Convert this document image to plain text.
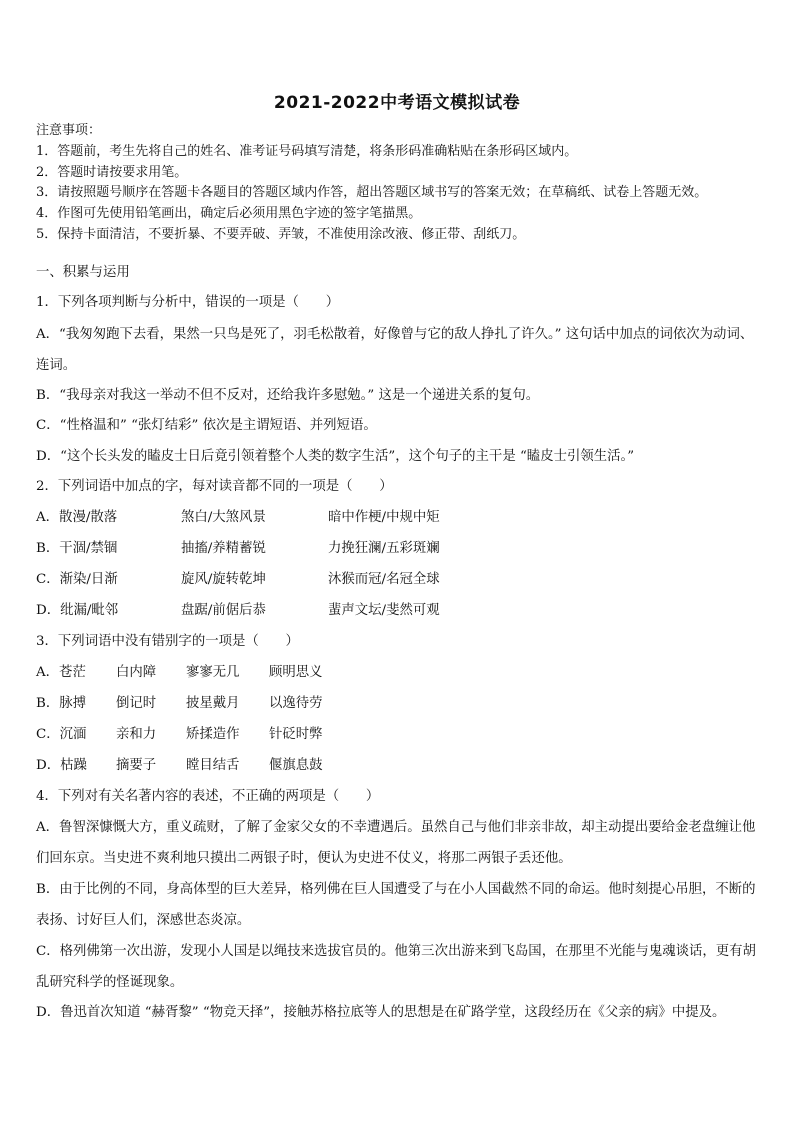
2021-2022中考语文模拟试卷
注意事项：
1．答题前，考生先将自己的姓名、准考证号码填写清楚，将条形码准确粘贴在条形码区域内。
2．答题时请按要求用笔。
3．请按照题号顺序在答题卡各题目的答题区域内作答，超出答题区域书写的答案无效；在草稿纸、试卷上答题无效。
4．作图可先使用铅笔画出，确定后必须用黑色字迹的签字笔描黑。
5．保持卡面清洁，不要折暴、不要弄破、弄皱，不准使用涂改液、修正带、刮纸刀。
一、积累与运用
1．下列各项判断与分析中，错误的一项是（　　）
A．“我匆匆跑下去看，果然一只鸟是死了，羽毛松散着，好像曾与它的敌人挣扎了许久。” 这句话中加点的词依次为动词、连词。
B．“我母亲对我这一举动不但不反对，还给我许多慰勉。” 这是一个递进关系的复句。
C．“性格温和” “张灯结彩” 依次是主谓短语、并列短语。
D．“这个长头发的瞌皮士日后竟引领着整个人类的数字生活”，这个句子的主干是 “瞌皮士引领生活。”
2．下列词语中加点的字，每对读音都不同的一项是（　　）
A．散漫/散落	煞白/大煞风景	暗中作梗/中规中矩
B．干涸/禁锢	抽搐/养精蓄锐	力挽狂澜/五彩斑斓
C．渐染/日渐	旋风/旋转乾坤	沐猴而冠/名冠全球
D．纰漏/毗邻	盘踞/前倨后恭	蜚声文坛/斐然可观
3．下列词语中没有错别字的一项是（　　）
A．苍茫 白内障 寥寥无几 顾明思义
B．脉搏 倒记时 披星戴月 以逸待劳
C．沉湎 亲和力 矫揉造作 针砭时弊
D．枯躁 摘要子 瞠目结舌 偃旗息鼓
4．下列对有关名著内容的表述，不正确的两项是（　　）
A．鲁智深慷慨大方，重义疏财，了解了金家父女的不幸遭遇后。虽然自己与他们非亲非故，却主动提出要给金老盘缠让他们回东京。当史进不爽利地只摸出二两银子时，便认为史进不仗义，将那二两银子丢还他。
B．由于比例的不同，身高体型的巨大差异，格列佛在巨人国遭受了与在小人国截然不同的命运。他时刻提心吊胆，不断的表扬、讨好巨人们，深感世态炎凉。
C．格列佛第一次出游，发现小人国是以绳技来选拔官员的。他第三次出游来到飞岛国，在那里不光能与鬼魂谈话，更有胡乱研究科学的怪诞现象。
D．鲁迅首次知道 “赫胥黎” “物竞天择”，接触苏格拉底等人的思想是在矿路学堂，这段经历在《父亲的病》中提及。
